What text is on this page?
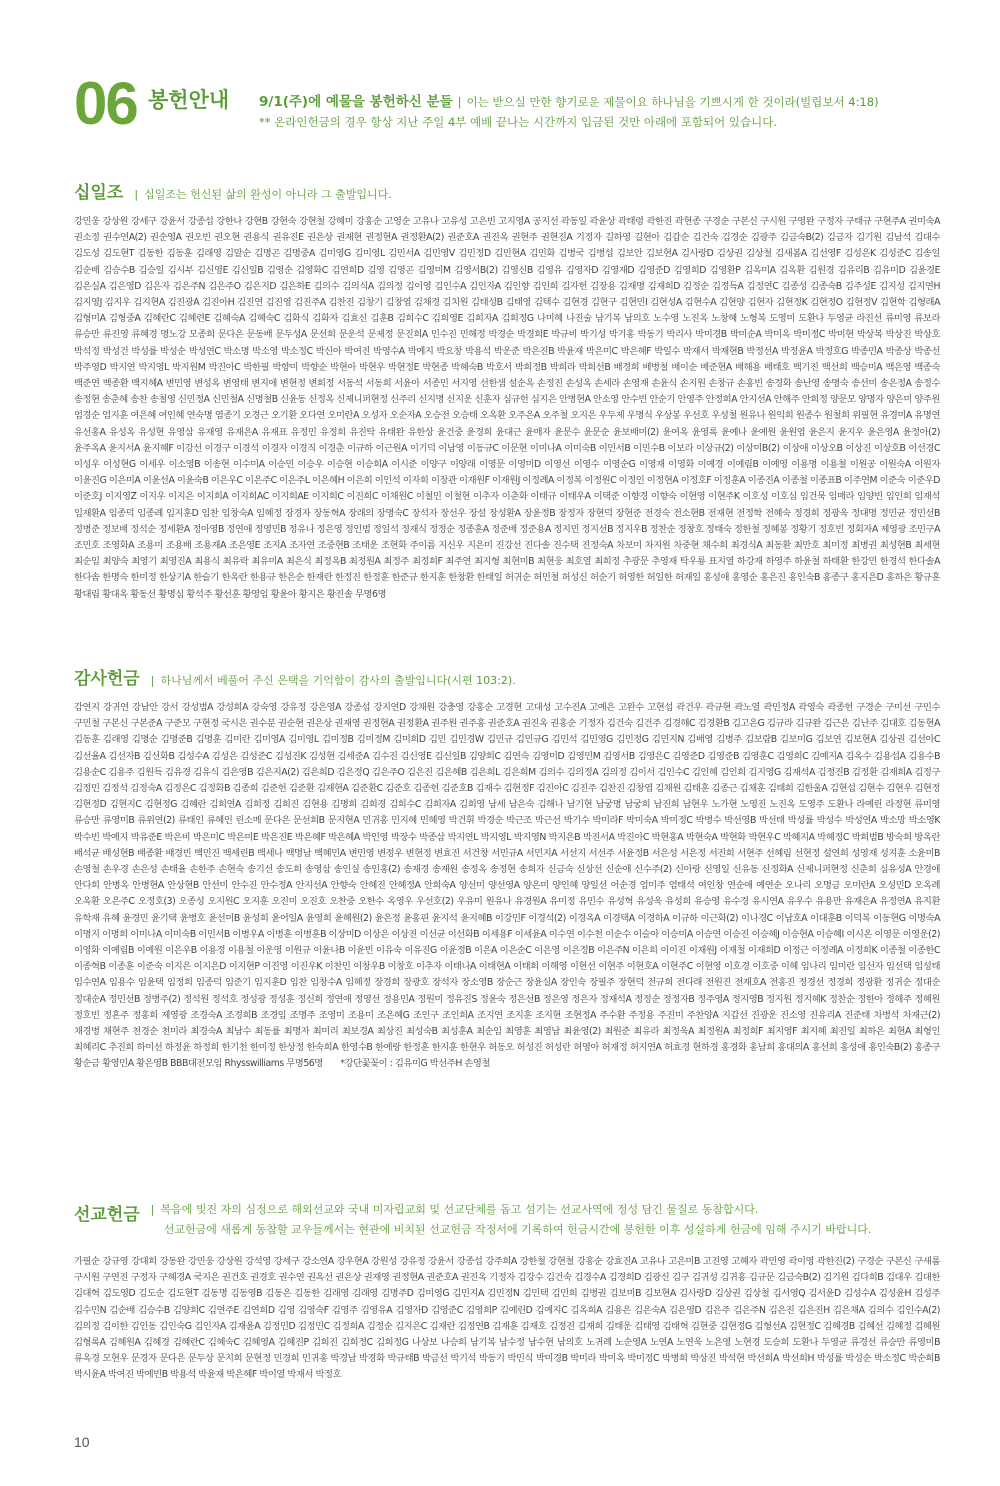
06 봉헌안내 9/1(주)에 예물을 봉헌하신 분들 | 이는 받으실 만한 향기로운 제물이요 하나님을 기쁘시게 한 것이라(빌립보서 4:18)
** 온라인헌금의 경우 항상 지난 주일 4부 예배 끝나는 시간까지 입금된 것만 아래에 포함되어 있습니다.
십일조 | 십일조는 헌신된 삶의 완성이 아니라 그 출발입니다.
강민웅 강상원 강세구 강윤서 강종섭 강한나 강현B 강현숙 강현철 강혜미 강홍순 고영순 고유나 고유성 고은빈 고지영A 공지선 곽동일 곽윤상 곽태령 곽한진 곽현종 구경순 구본신 구시원 구영완 구정자 구태규 구현주A 권미숙A 권소정 권수연A(2) 권순영A 권오빈 권오현 권용식 권유진E 권은상 권재현 권정현A 권정환A(2) 권준호A 권진옥 권현주 권현진A 기정자 길하영 길현아 김갑순 김건숙 김경순 김광주 김금숙B(2) 김금자 김기원 김남석 김대수 김도성 김도현T 김동한 김동훈 김래영 김말순 김명곤 김명중A 김미영G 김미영L 김민서A 김민영V 김민정D 김민현A 김민화 김병국 김병섭 김보안 김보현A 김사랑D 김상권 김상철 김새봄A 김선영F 김성은K 김성준C 김송일 김순배 김승수B 김승일 김시부 김신영E 김신일B 김영순 김영화C 김연희D 김영 김영곤 김영미M 김영서B(2) 김영신B 김영유 김영자D 김영재D 김영준D 김영희D 김영환P 김옥미A 김옥환 김원경 김유리B 김유미D 김윤경E 김은실A 김은영D 김은자 김은주N 김은주O 김은지D 김은하E 김의수 김의식A 김의정 김이영 김인수A 김인자A 김인향 김인희 김자헌 김장용 김재명 김재희D 김정순 김정득A 김정연C 김종성 김종숙B 김주성E 김지성 김지연H 김지영J 김지우 김지현A 김진광A 김진아H 김진연 김진영 김진주A 김찬진 김창기 김창엽 김채경 김치원 김태성B 김태영 김택수 김현경 김현구 김현민I 김현성A 김현수A 김현양 김현자 김현정K 김현정O 김현정V 김현학 김형래A 김형미A 김형중A 김혜란C 김혜련E 김혜숙A 김혜숙C 김화식 김화자 김효신 김훈B 김희수C 김희영E 김희자A 김희정G 나미혜 나진술 남기복 남의호 노수영 노진옥 노창혜 노형복 도영미 도환나 두영균 라진선 류미영 류보라 류승만 류진영 류혜경 명노강 모종희 문다은 문동배 문두성A 문선희 문운석 문제정 문진희A 민수진 민해정 박경순 박경희E 박규비 박기성 박기홍 박동기 박리사 박미경B 박미순A 박미옥 박미정C 박미현 박상복 박상진 박상호 박석정 박성건 박성률 박성순 박성연C 박소명 박소영 박소정C 박신아 박여진 박영수A 박예지 박요창 박용석 박운준 박은진B 박윤재 박은미C 박은혜F 박일수 박재서 박재현B 박정선A 박정윤A 박정호G 박종민A 박종상 박종선 박주영D 박지연 박지영L 박지원M 박진아C 박한필 박향미 박향순 박현아 박현우 박현정E 박현종 박혜숙B 박호서 박희정B 박희라 박희선B 배경희 배병철 배이순 배준현A 배해용 배태호 백기진 백선희 백승미A 백은영 백종숙 백준연 백종환 백지혜A 변민영 변성옥 변영태 변지애 변현정 변희정 서동석 서동희 서윤아 서종민 서지영 선한샘 설순옥 손정진 손성옥 손세라 손영재 손윤식 손지원 손창규 손홍빈 송경화 송난영 송명숙 송선미 송은정A 송정수 송정현 송춘혜 송찬 송철영 신민정A 신민철A 신명철B 신윤동 신정옥 신제니퍼현정 신주리 신지명 신지운 신훈자 심규헌 심지은 안병현A 안소영 안수빈 안순기 안영주 안정희A 안지선A 안해주 안희정 양문모 양명자 양은미 양주원 엄경순 엄지훈 여은혜 여인혜 연숙명 염종기 오경근 오기환 오다연 오미란A 오성자 오순자A 오승전 오승태 오옥환 오주은A 오주철 오지은 우두제 우명식 우상봉 우선호 우성철 원유나 원익희 원종수 원철희 위필현 유경미A 유명연 유선홍A 유성옥 유성현 유영삼 유재영 유재은A 유재표 유정민 유정희 유진탁 유태완 유한상 윤건중 윤경희 윤대근 윤매자 윤문수 윤문순 윤보배미(2) 윤여옥 윤영록 윤예나 윤예원 윤원엽 윤은지 윤지우 윤은영A 윤정아(2) 윤주옥A 윤지서A 윤지혜F 이강선 이경구 이경석 이경자 이경직 이경춘 이규하 이근원A 이기덕 이남영 이동규C 이문현 이미나A 이미숙B 이민서B 이민수B 이보라 이상규(2) 이상미B(2) 이상애 이상오B 이상진 이상호B 이선경C 이성우 이성현G 이세우 이소영B 이송현 이수미A 이승민 이승우 이승현 이승희A 이시준 이양구 이양래 이영문 이영미D 이영선 이영수 이영순G 이영재 이영화 이예경 이예림B 이예영 이용명 이용철 이원공 이원숙A 이원자 이윤진G 이은미A 이윤선A 이윤숙B 이은우C 이은주C 이은주L 이은혜H 이은희 이인석 이자희 이장관 이재원F 이재원J 이정례A 이정복 이정원C 이정인 이정현A 이정호F 이정훈A 이종진A 이종철 이종표B 이주연M 이준숙 이준우D 이준호J 이지영Z 이지우 이지은 이지희A 이지희AC 이지희AE 이지희C 이진희C 이채원C 이철민 이철현 이추자 이춘화 이태규 이태우A 이택준 이향경 이향숙 이현영 이현주K 이호성 이호심 임건묵 임매라 임양빈 임인희 임재석 임재환A 임종덕 임종례 임지훈D 임찬 임창숙A 임혜정 장경자 장동혁A 장래의 장명숙C 장석자 장선우 장설 장성환A 장윤정B 장정자 장현덕 장현준 전경숙 전소현B 전재현 전정학 전혜숙 정경희 정광욱 정대명 정민균 정민선B 정병준 정보배 정석순 정세환A 정아영B 정연애 정영민B 정유나 정은영 정인범 정일석 정재식 정정순 정종훈A 정준배 정준용A 정지민 정지선B 정지우B 정찬순 정창호 정태숙 정한철 정혜봉 정황기 정호빈 정회자A 제영광 조민구A 조민호 조영화A 조용미 조용배 조용재A 조은영E 조지A 조자연 조중현B 조태운 조현화 주이름 지신우 지은미 진강선 진다솔 진수택 진정숙A 차보미 차지원 차중현 채수희 최경식A 최동환 최만호 최미정 최병권 최성현B 최세현 최순임 최양숙 최영기 최영진A 최용식 최유락 최유미A 최은식 최정옥B 최정원A 최정주 최정희F 최주연 최지형 최현미B 최현웅 최호열 최희정 추광문 추영재 탁우룡 표지열 하강재 하영주 하윤철 하태환 한강민 한경석 한다솔A 한다솜 한명숙 한미정 한상기A 한슬기 한옥란 한용규 한은순 한재란 한정진 한정훈 한준규 한지훈 한창환 한태일 허귀순 허민철 허성신 허순기 허영한 허일한 허재일 홍성애 홍영순 홍은진 홍인숙B 홍종구 홍지은D 홍하은 황규훈 황대림 황대옥 황동선 황명심 황석주 황선훈 황영임 황윤아 황지은 황진솔 무명6명
감사헌금 | 하나님께서 베풀어 주신 은택을 기억함이 감사의 출발입니다(시편 103:2).
감연지 강귀연 강남안 강서 강성범A 강성희A 강숙영 강유정 강은영A 강종섭 강지연D 강채원 강충영 강홍순 고경현 고대성 고수진A 고예은 고완수 고현섭 곽건우 곽규현 곽노열 곽민정A 곽영숙 곽종헌 구경순 구미선 구민수 구민철 구본신 구본준A 구준모 구현정 국시은 권수분 권순현 권은상 권재영 권정현A 권정환A 권주원 권주홍 권준호A 권진옥 권홍순 기정자 김건숙 김건주 김경해C 김경환B 김고은G 김규라 김규완 김근은 김난주 김대호 김동현A 김동훈 김래영 김명순 김명준B 김명훈 김미란 김미영A 김미영L 김미정B 김미정M 김미희D 김민 김민경W 김민규 김민규G 김민석 김민영G 김민정G 김민지N 김배영 김병주 김보람B 김보미G 김보연 김보현A 김상권 김선아C 김선율A 김선자B 김선화B 김성수A 김성은 김성준C 김성진K 김성현 김세준A 김수진 김신영E 김신일B 김양희C 김연숙 김영미D 김영민M 김영서B 김영은C 김영준D 김영준B 김영훈C 김영희C 김예지A 김옥수 김용섭A 김용수B 김용순C 김용주 김원득 김유경 김유식 김은영B 김은지A(2) 김은희D 김은정Q 김은주O 김은진 김은혜B 김은희L 김은희M 김의수 김의정A 김의정 김이서 김인수C 김인혜 김인희 김지영G 김재석A 김정진B 김정환 김재희A 김정구 김정민 김정석 김정숙A 김정은C 김정화B 김종희 김준헌 김준환 김재현A 김준환C 김준호 김종헌 김준호B 김재수 김현정F 김진아C 김진주 김찬진 김창엽 김채원 김태훈 김종근 김채훈 김태희 김한울A 김현섭 김현수 김현우 김현정 김현정D 김현지C 김현정G 김혜란 김희연A 김희정 김희진 김현용 김명희 김희경 김희수C 김희자A 김희영 남세 남은숙 김해나 남기현 남궁명 남궁희 남진희 남현우 노가현 노영진 노진옥 도영주 도환나 라예린 라정현 류미영 류승만 류영미B 류위연(2) 류태인 류혜인 린소메 문다은 문선희B 문지현A 민귀홍 민지혜 민혜영 박건휘 박경순 박근조 박근선 박기수 박미라F 박미숙A 박미정C 박병수 박선영B 박선태 박성률 박성수 박성연A 박소망 박소영K 박수빈 박예지 박유준E 박은비 박은미C 박은미E 박은진E 박은혜F 박은혜A 박인영 박장수 박종삼 박지연L 박지영L 박지영N 박지은B 박진서A 박진아C 박현홍A 박현숙A 박현화 박현우C 박혜지A 박혜정C 박희범B 방숙희 방옥란 배석균 배성현B 배종환 배경빈 백민진 백세린B 백세나 백명남 백혜민A 변민영 변정우 변현정 변효진 서건창 서민규A 서민지A 서선지 서선주 서윤정B 서은성 서은정 서진희 서현주 선혜림 선현정 설연희 성영재 성지훈 소윤미B 손영철 손우경 손은성 손태율 손한주 손현숙 송기선 송도희 송영삼 송인실 송인홍(2) 송재경 송재원 송정옥 송정현 송희자 신금숙 신상선 신순애 신수주(2) 신아랑 신영일 신유동 신정화A 신제니퍼현정 신춘희 심유성A 안경애 안다희 안병옥 안병현A 안상현B 안선미 안수진 안수정A 안지선A 안향숙 안혜진 안혜정A 안희숙A 양선미 양선영A 양은미 양인혜 양일선 어순경 엄미주 엄태석 여인창 연순애 예연순 오나리 오명금 오미란A 오성민D 오옥례 오옥환 오은주C 오정호(3) 오종성 오지원C 오지훈 오진미 오진호 오찬중 오한수 옥영우 우선호(2) 우유미 원유나 유경원A 유미정 유민수 유성혁 유성욱 유성희 유승영 유수경 유시연A 유우수 유용만 유재은A 유정연A 유지환 유학재 유혜 윤경민 윤기택 윤병호 윤선미B 윤성희 윤어일A 윤영희 윤혜원(2) 윤은정 윤홍핀 윤지석 윤지혜B 이강민F 이경석(2) 이경옥A 이경택A 이경하A 이규하 이근화(2) 이나경C 이남호A 이대훈B 이덕복 이동현G 이명숙A 이명지 이명희 이미나A 이미숙B 이민서B 이병우A 이병훈 이병훈B 이상미D 이상은 이상진 이선균 이선화B 이세용F 이세윤A 이수연 이수천 이순수 이슬아 이승미A 이승연 이승진 이승혜J 이승현A 이승혜I 이시온 이영문 이영운(2) 이영화 이예림B 이예원 이은우B 이용정 이용철 이운영 이원규 이윤나B 이윤빈 이유숙 이유진G 이윤정B 이은A 이은순C 이은영 이은정B 이은주N 이은희 이이진 이재원J 이재철 이재희D 이정근 이정례A 이정희K 이종철 이종한C 이종혁B 이종훈 이준숙 이지은 이지은D 이지현P 이진영 이진우K 이찬민 이창우B 이창호 이추자 이태나A 이태현A 이태희 이해영 이현선 이현주 이현호A 이현주C 이현영 이호경 이호중 이혜 임나리 임미란 임선자 임선택 임성태 임수연A 임용수 임윤택 임정희 임종덕 임준기 임지훈D 임찬 임창수A 임혜정 장경희 장광호 장석자 장소영B 장순근 장윤실A 장인숙 장필주 장현덕 전규희 전다래 전원진 전재호A 전홍진 정경선 정경희 정광환 정귀순 정대순 정대순A 정민선B 정병주(2) 정석원 정석호 정성광 정성훈 정신희 정연애 정영선 정용민A 정원미 정유진S 정윤숙 정은선B 정은영 정은자 정재석A 정정순 정정자B 정주영A 정지영B 정지원 정지혜K 정찬순 정한아 정해주 정혜원 정호빈 정혼주 정홍희 제영광 조경숙A 조경희B 조경임 조명주 조영미 조용미 조은혜G 조인구 조인희A 조지연 조지훈 조지현 조현정A 주수환 주정용 주진미 주찬양A 지갑선 진광운 진소영 진유리A 진준태 차병석 차재근(2) 채경병 채현주 천경순 천미라 최경숙A 최남수 최동률 최명자 최미리 최보경A 최상진 최성숙B 최성훈A 최순임 최영훈 최영남 최윤영(2) 최원준 최유라 최정욱A 최정원A 최정희F 최지영F 최지혜 최진일 최하은 최현A 최형인 최혜리C 추진희 하미선 하정윤 하정희 한기천 한미정 한상정 한숙희A 한영수B 한예랑 한정훈 한지훈 한현우 허동오 허성진 허성란 허영아 허재정 허지연A 허효경 현하경 홍경화 홍남희 홍대의A 홍선희 홍성애 홍인숙B(2) 홍종구 황순금 황영민A 황은영B BBB대전모임 Rhysswilliams 무명56명 *강단꽃꽂이 : 김유미G 박선주H 손영철
선교헌금 | 복음에 빚진 자의 심정으로 해외선교와 국내 미자립교회 및 선교단체를 돕고 섬기는 선교사역에 정성 담긴 물질로 동참합시다.
선교헌금에 새롭게 동참할 교우들께서는 현관에 비치된 선교헌금 작정서에 기록하여 헌금시간에 봉헌한 이후 성실하게 헌금에 임해 주시기 바랍니다.
가필순 강규영 강대희 강동완 강민웅 강상원 강석영 강세구 강소연A 강우현A 강원성 강유정 강윤서 강종섭 강주희A 강한철 강현철 강홍순 강효진A 고유나 고은미B 고진영 고혜자 곽민영 곽이영 곽한진(2) 구경순 구본신 구새롬 구시원 구연진 구정자 구혜경A 국지은 권건호 권경호 권수연 권옥선 권은상 권재영 권정현A 권준호A 권진옥 기정자 김강수 김건숙 김경수A 김경희D 김광신 김구 김귀성 김귀홍 김규문 김금숙B(2) 김기원 김다희B 김대우 김대한 김대혁 김도영D 김도순 김도현T 김동명 김동영B 김동은 김동한 김래영 김래영 김명주D 김미영G 김민지A 김민정N 김민택 김민희 김병권 김보미B 김보현A 김사랑D 김상권 김상철 김서영Q 김서윤D 김성수A 김성윤H 김성주 김수민N 김순배 김승수B 김양희C 김연주E 김연희D 김영 김영숙F 김영주 김영유A 김영자D 김영준C 김영희P 김예린D 김예지C 김옥희A 김용은 김은숙A 김은영D 김은주 김은주N 김은진 김은진H 김은채A 김의수 김인수A(2) 김의정 김이한 김인동 김인숙G 김인자A 김재윤A 김정민D 김정민C 김정희A 김정순 김지은C 김재란 김정연B 김재훈 김재호 김정진 김재희 김태운 김태영 김태혁 김현중 김현정G 김형선A 김현정C 김혜경B 김혜선 김혜정 김혜원 김형록A 김혜원A 김혜경 김혜란C 김혜숙C 김혜영A 김혜진P 김희진 김희정C 김희정G 나상보 나승희 남기복 남수정 남수현 남의호 노귀례 노순영A 노연A 노연욱 노은영 노현경 도승희 도환나 두영균 류경선 류승만 류영미B 류옥경 모현우 문경자 문다은 문두상 문지희 문현정 민경희 민귀홍 박경남 박경화 박규태B 박금선 박기석 박동기 박민식 박미경B 박미라 박미옥 박미정C 박병희 박상진 박석현 박선희A 박선희H 박성률 박성순 박소정C 박순희B 박시윤A 박여진 박예빈B 박용석 박윤재 박은혜F 박이열 박재서 박정호
10
